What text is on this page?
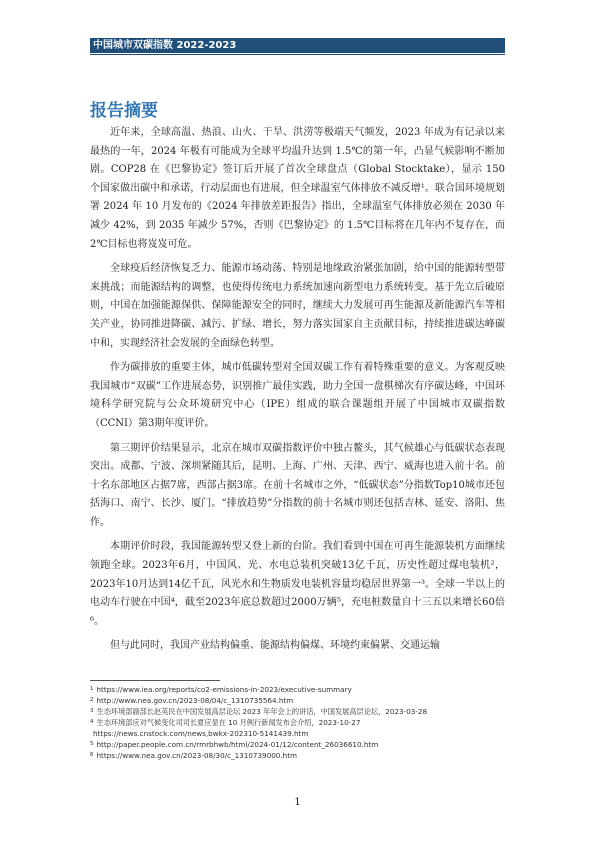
中国城市双碳指数 2022-2023
报告摘要

近年来，全球高温、热浪、山火、干旱、洪涝等极端天气频发，2023 年成为有记录以来最热的一年，2024 年极有可能成为全球平均温升达到 1.5℃的第一年，凸显气候影响不断加剧。COP28 在《巴黎协定》签订后开展了首次全球盘点（Global Stocktake），显示 150 个国家做出碳中和承诺，行动层面也有进展，但全球温室气体排放不减反增¹。联合国环境规划署 2024 年 10 月发布的《2024 年排放差距报告》指出，全球温室气体排放必须在 2030 年减少 42%，到 2035 年减少 57%，否则《巴黎协定》的 1.5℃目标将在几年内不复存在，而 2℃目标也将岌岌可危。

全球疫后经济恢复乏力、能源市场动荡、特别是地缘政治紧张加剧，给中国的能源转型带来挑战；而能源结构的调整，也使得传统电力系统加速向新型电力系统转变。基于先立后破原则，中国在加强能源保供、保障能源安全的同时，继续大力发展可再生能源及新能源汽车等相关产业，协同推进降碳、减污、扩绿、增长，努力落实国家自主贡献目标，持续推进碳达峰碳中和，实现经济社会发展的全面绿色转型。

作为碳排放的重要主体，城市低碳转型对全国双碳工作有着特殊重要的意义。为客观反映我国城市“双碳”工作进展态势，识别推广最佳实践，助力全国一盘棋梯次有序碳达峰，中国环境科学研究院与公众环境研究中心（IPE）组成的联合课题组开展了中国城市双碳指数（CCNI）第3期年度评价。

第三期评价结果显示，北京在城市双碳指数评价中独占鳌头，其气候雄心与低碳状态表现突出。成都、宁波、深圳紧随其后，昆明、上海、广州、天津、西宁、威海也进入前十名。前十名东部地区占据7席，西部占据3席。在前十名城市之外，“低碳状态”分指数Top10城市还包括海口、南宁、长沙、厦门。“排放趋势”分指数的前十名城市则还包括吉林、延安、洛阳、焦作。

本期评价时段，我国能源转型又登上新的台阶。我们看到中国在可再生能源装机方面继续领跑全球。2023年6月，中国风、光、水电总装机突破13亿千瓦，历史性超过煤电装机²，2023年10月达到14亿千瓦，风光水和生物质发电装机容量均稳居世界第一³。全球一半以上的电动车行驶在中国⁴，截至2023年底总数超过2000万辆⁵，充电桩数量自十三五以来增长60倍⁶。

但与此同时，我国产业结构偏重、能源结构偏煤、环境约束偏紧、交通运输

$^1$ https://www.iea.org/reports/co2-emissions-in-2023/executive-summary

$^2$ http://www.nea.gov.cn/2023-08/04/c_1310735564.htm

$^3$ 生态环境部副部长赵英民在中国发展高层论坛 2023 年年会上的讲话，中国发展高层论坛，2023-03-28

$^4$ 生态环境部应对气候变化司司长夏应显在 10 月例行新闻发布会介绍，2023-10-27

https://news.cnstock.com/news,bwkx-202310-5141439.htm

$^5$ http://paper.people.com.cn/rmrbhwb/html/2024-01/12/content_26036610.htm

$^6$ https://www.nea.gov.cn/2023-08/30/c_1310739000.htm

1
